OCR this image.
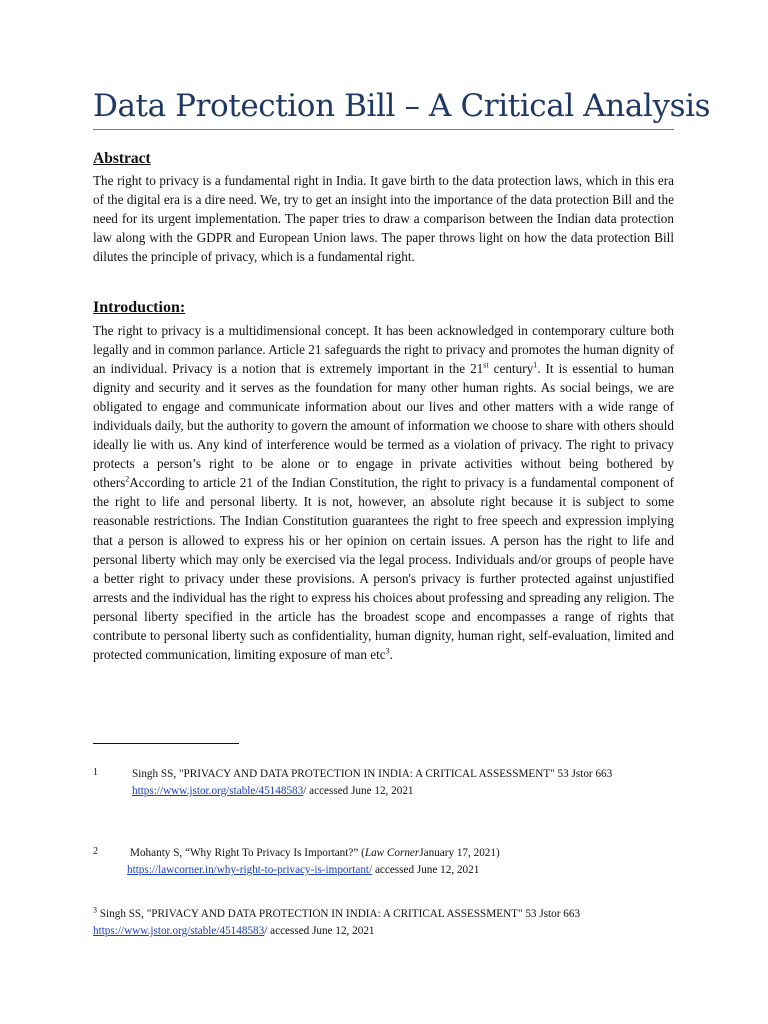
Data Protection Bill – A Critical Analysis
Abstract
The right to privacy is a fundamental right in India. It gave birth to the data protection laws, which in this era of the digital era is a dire need. We, try to get an insight into the importance of the data protection Bill and the need for its urgent implementation. The paper tries to draw a comparison between the Indian data protection law along with the GDPR and European Union laws. The paper throws light on how the data protection Bill dilutes the principle of privacy, which is a fundamental right.
Introduction:
The right to privacy is a multidimensional concept. It has been acknowledged in contemporary culture both legally and in common parlance. Article 21 safeguards the right to privacy and promotes the human dignity of an individual. Privacy is a notion that is extremely important in the 21st century$^1$. It is essential to human dignity and security and it serves as the foundation for many other human rights. As social beings, we are obligated to engage and communicate information about our lives and other matters with a wide range of individuals daily, but the authority to govern the amount of information we choose to share with others should ideally lie with us. Any kind of interference would be termed as a violation of privacy. The right to privacy protects a person’s right to be alone or to engage in private activities without being bothered by others$^2$According to article 21 of the Indian Constitution, the right to privacy is a fundamental component of the right to life and personal liberty. It is not, however, an absolute right because it is subject to some reasonable restrictions. The Indian Constitution guarantees the right to free speech and expression implying that a person is allowed to express his or her opinion on certain issues. A person has the right to life and personal liberty which may only be exercised via the legal process. Individuals and/or groups of people have a better right to privacy under these provisions. A person's privacy is further protected against unjustified arrests and the individual has the right to express his choices about professing and spreading any religion. The personal liberty specified in the article has the broadest scope and encompasses a range of rights that contribute to personal liberty such as confidentiality, human dignity, human right, self-evaluation, limited and protected communication, limiting exposure of man etc$^3$.
1	Singh SS, "PRIVACY AND DATA PROTECTION IN INDIA: A CRITICAL ASSESSMENT" 53 Jstor 663 https://www.jstor.org/stable/45148583/ accessed June 12, 2021
2	Mohanty S, “Why Right To Privacy Is Important?” (Law CornerJanuary 17, 2021)
https://lawcorner.in/why-right-to-privacy-is-important/ accessed June 12, 2021
$^3$ Singh SS, "PRIVACY AND DATA PROTECTION IN INDIA: A CRITICAL ASSESSMENT" 53 Jstor 663
https://www.jstor.org/stable/45148583/ accessed June 12, 2021
